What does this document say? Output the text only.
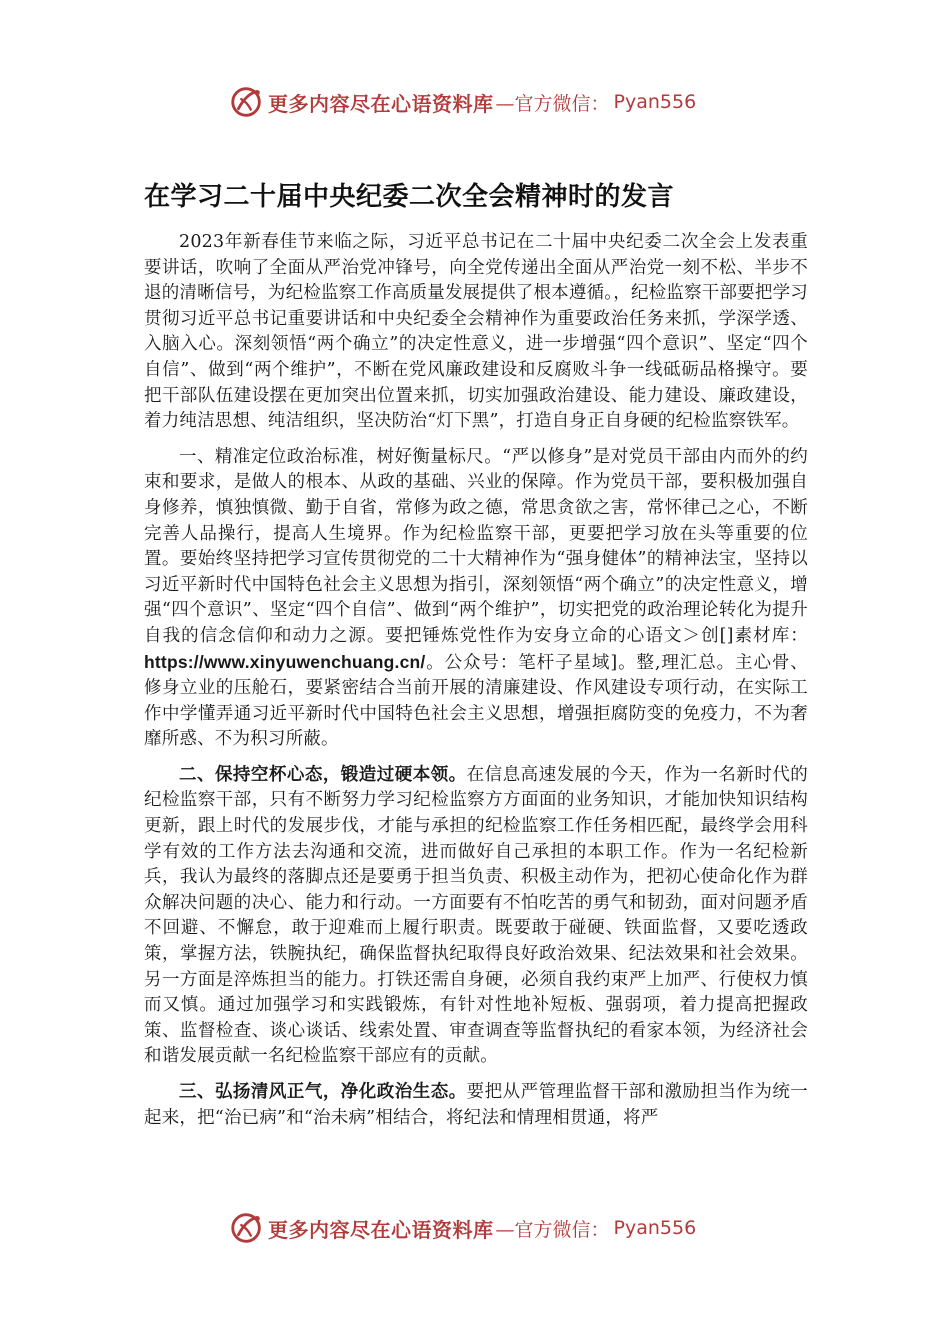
更多内容尽在心语资料库 —官方微信： Pyan556
在学习二十届中央纪委二次全会精神时的发言

2023年新春佳节来临之际，习近平总书记在二十届中央纪委二次全会上发表重要讲话，吹响了全面从严治党冲锋号，向全党传递出全面从严治党一刻不松、半步不退的清晰信号，为纪检监察工作高质量发展提供了根本遵循。，纪检监察干部要把学习贯彻习近平总书记重要讲话和中央纪委全会精神作为重要政治任务来抓，学深学透、入脑入心。深刻领悟“两个确立”的决定性意义，进一步增强“四个意识”、坚定“四个自信”、做到“两个维护”，不断在党风廉政建设和反腐败斗争一线砥砺品格操守。要把干部队伍建设摆在更加突出位置来抓，切实加强政治建设、能力建设、廉政建设，着力纯洁思想、纯洁组织，坚决防治“灯下黑”，打造自身正自身硬的纪检监察铁军。

一、精准定位政治标准，树好衡量标尺。“严以修身”是对党员干部由内而外的约束和要求，是做人的根本、从政的基础、兴业的保障。作为党员干部，要积极加强自身修养，慎独慎微、勤于自省，常修为政之德，常思贪欲之害，常怀律己之心，不断完善人品操行，提高人生境界。作为纪检监察干部，更要把学习放在头等重要的位置。要始终坚持把学习宣传贯彻党的二十大精神作为“强身健体”的精神法宝，坚持以习近平新时代中国特色社会主义思想为指引，深刻领悟“两个确立”的决定性意义，增强“四个意识”、坚定“四个自信”、做到“两个维护”，切实把党的政治理论转化为提升自我的信念信仰和动力之源。要把锤炼党性作为安身立命的心语文＞创[]素材库：https://www.xinyuwenchuang.cn/。公众号：笔杆子星域]。整,理汇总。主心骨、修身立业的压舱石，要紧密结合当前开展的清廉建设、作风建设专项行动，在实际工作中学懂弄通习近平新时代中国特色社会主义思想，增强拒腐防变的免疫力，不为奢靡所惑、不为积习所蔽。

二、保持空杯心态，锻造过硬本领。在信息高速发展的今天，作为一名新时代的纪检监察干部，只有不断努力学习纪检监察方方面面的业务知识，才能加快知识结构更新，跟上时代的发展步伐，才能与承担的纪检监察工作任务相匹配，最终学会用科学有效的工作方法去沟通和交流，进而做好自己承担的本职工作。作为一名纪检新兵，我认为最终的落脚点还是要勇于担当负责、积极主动作为，把初心使命化作为群众解决问题的决心、能力和行动。一方面要有不怕吃苦的勇气和韧劲，面对问题矛盾不回避、不懈怠，敢于迎难而上履行职责。既要敢于碰硬、铁面监督，又要吃透政策，掌握方法，铁腕执纪，确保监督执纪取得良好政治效果、纪法效果和社会效果。另一方面是淬炼担当的能力。打铁还需自身硬，必须自我约束严上加严、行使权力慎而又慎。通过加强学习和实践锻炼，有针对性地补短板、强弱项，着力提高把握政策、监督检查、谈心谈话、线索处置、审查调查等监督执纪的看家本领，为经济社会和谐发展贡献一名纪检监察干部应有的贡献。

三、弘扬清风正气，净化政治生态。要把从严管理监督干部和激励担当作为统一起来，把“治已病”和“治未病”相结合，将纪法和情理相贯通，将严

更多内容尽在心语资料库 —官方微信： Pyan556
